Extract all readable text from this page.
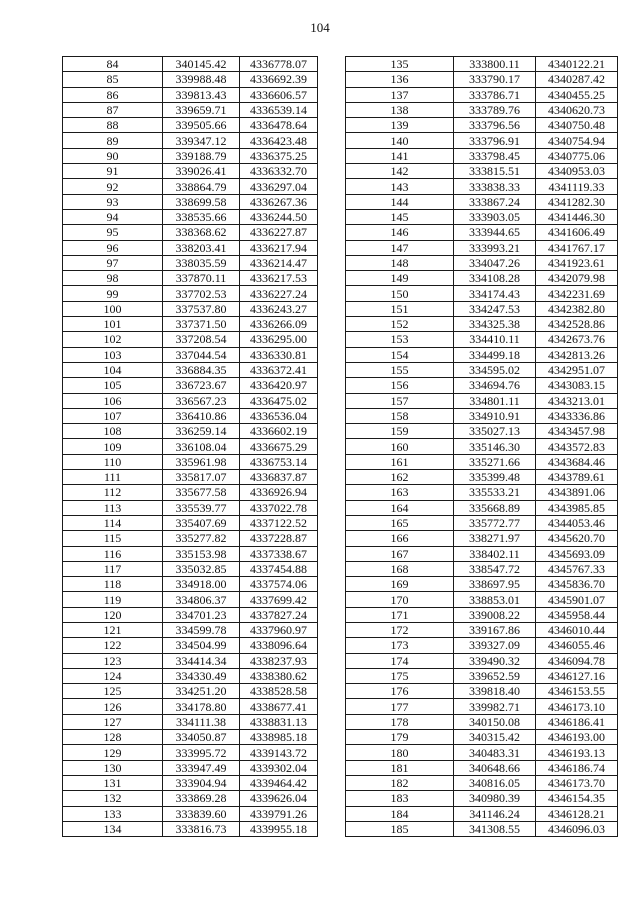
104
84	340145.42	4336778.07
85	339988.48	4336692.39
86	339813.43	4336606.57
87	339659.71	4336539.14
88	339505.66	4336478.64
89	339347.12	4336423.48
90	339188.79	4336375.25
91	339026.41	4336332.70
92	338864.79	4336297.04
93	338699.58	4336267.36
94	338535.66	4336244.50
95	338368.62	4336227.87
96	338203.41	4336217.94
97	338035.59	4336214.47
98	337870.11	4336217.53
99	337702.53	4336227.24
100	337537.80	4336243.27
101	337371.50	4336266.09
102	337208.54	4336295.00
103	337044.54	4336330.81
104	336884.35	4336372.41
105	336723.67	4336420.97
106	336567.23	4336475.02
107	336410.86	4336536.04
108	336259.14	4336602.19
109	336108.04	4336675.29
110	335961.98	4336753.14
111	335817.07	4336837.87
112	335677.58	4336926.94
113	335539.77	4337022.78
114	335407.69	4337122.52
115	335277.82	4337228.87
116	335153.98	4337338.67
117	335032.85	4337454.88
118	334918.00	4337574.06
119	334806.37	4337699.42
120	334701.23	4337827.24
121	334599.78	4337960.97
122	334504.99	4338096.64
123	334414.34	4338237.93
124	334330.49	4338380.62
125	334251.20	4338528.58
126	334178.80	4338677.41
127	334111.38	4338831.13
128	334050.87	4338985.18
129	333995.72	4339143.72
130	333947.49	4339302.04
131	333904.94	4339464.42
132	333869.28	4339626.04
133	333839.60	4339791.26
134	333816.73	4339955.18
135	333800.11	4340122.21
136	333790.17	4340287.42
137	333786.71	4340455.25
138	333789.76	4340620.73
139	333796.56	4340750.48
140	333796.91	4340754.94
141	333798.45	4340775.06
142	333815.51	4340953.03
143	333838.33	4341119.33
144	333867.24	4341282.30
145	333903.05	4341446.30
146	333944.65	4341606.49
147	333993.21	4341767.17
148	334047.26	4341923.61
149	334108.28	4342079.98
150	334174.43	4342231.69
151	334247.53	4342382.80
152	334325.38	4342528.86
153	334410.11	4342673.76
154	334499.18	4342813.26
155	334595.02	4342951.07
156	334694.76	4343083.15
157	334801.11	4343213.01
158	334910.91	4343336.86
159	335027.13	4343457.98
160	335146.30	4343572.83
161	335271.66	4343684.46
162	335399.48	4343789.61
163	335533.21	4343891.06
164	335668.89	4343985.85
165	335772.77	4344053.46
166	338271.97	4345620.70
167	338402.11	4345693.09
168	338547.72	4345767.33
169	338697.95	4345836.70
170	338853.01	4345901.07
171	339008.22	4345958.44
172	339167.86	4346010.44
173	339327.09	4346055.46
174	339490.32	4346094.78
175	339652.59	4346127.16
176	339818.40	4346153.55
177	339982.71	4346173.10
178	340150.08	4346186.41
179	340315.42	4346193.00
180	340483.31	4346193.13
181	340648.66	4346186.74
182	340816.05	4346173.70
183	340980.39	4346154.35
184	341146.24	4346128.21
185	341308.55	4346096.03
